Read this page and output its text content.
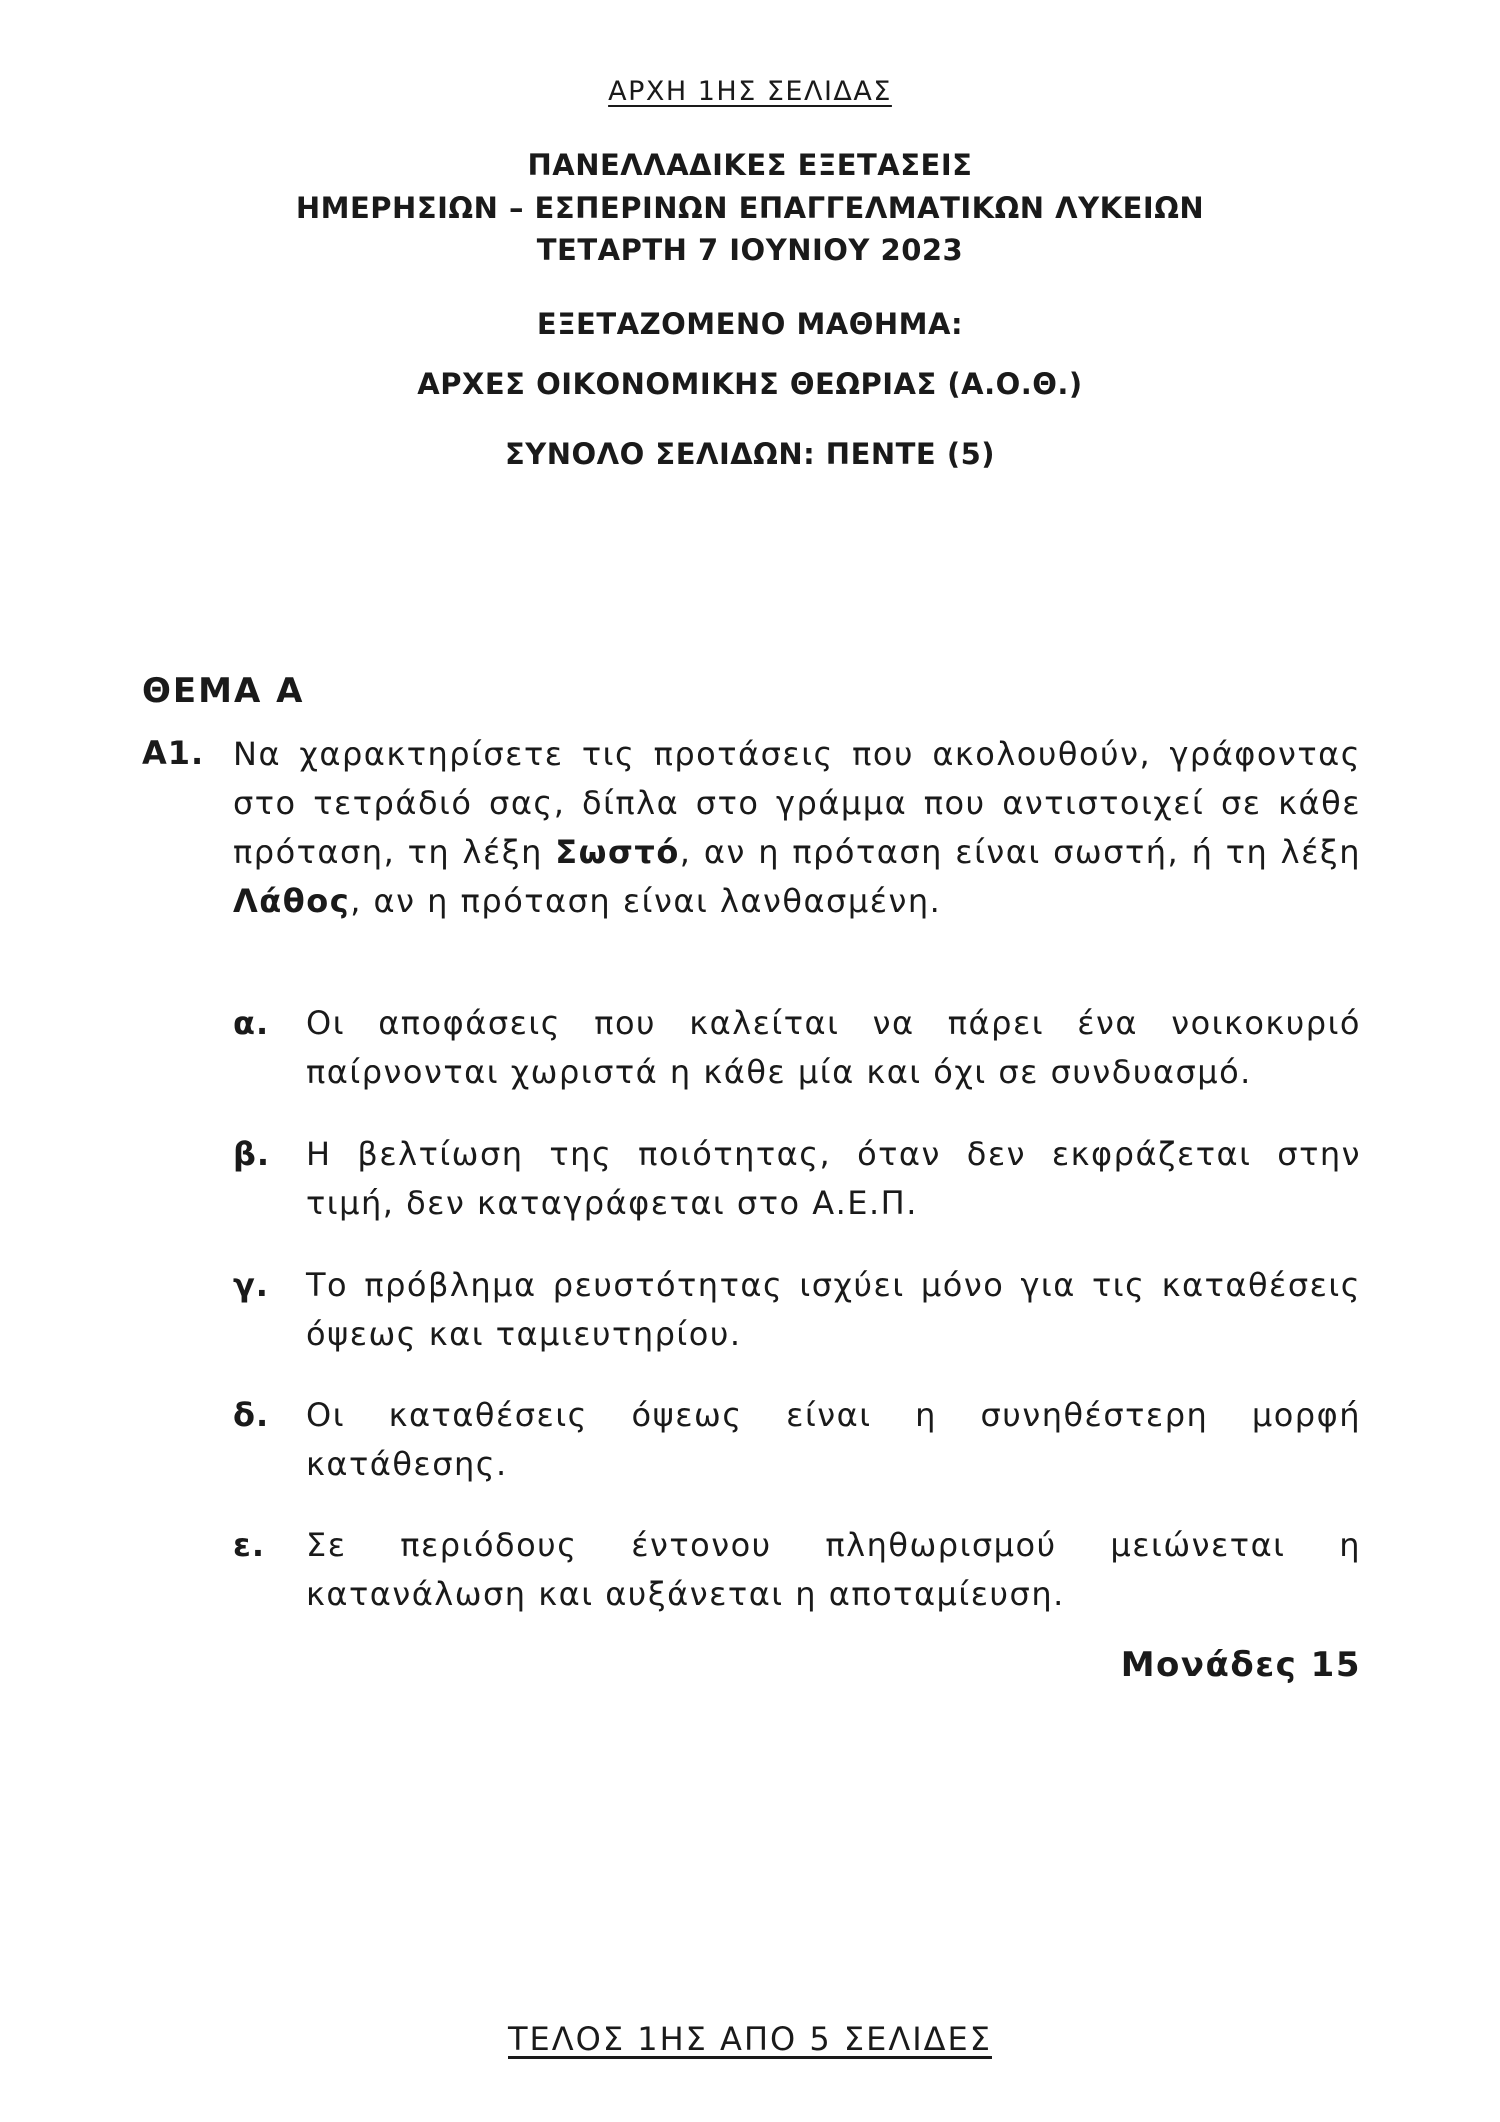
ΑΡΧΗ 1ΗΣ ΣΕΛΙΔΑΣ
ΠΑΝΕΛΛΑΔΙΚΕΣ ΕΞΕΤΑΣΕΙΣ
ΗΜΕΡΗΣΙΩΝ – ΕΣΠΕΡΙΝΩΝ ΕΠΑΓΓΕΛΜΑΤΙΚΩΝ ΛΥΚΕΙΩΝ
ΤΕΤΑΡΤΗ 7 ΙΟΥΝΙΟΥ 2023
ΕΞΕΤΑΖΟΜΕΝΟ ΜΑΘΗΜΑ:
ΑΡΧΕΣ ΟΙΚΟΝΟΜΙΚΗΣ ΘΕΩΡΙΑΣ (Α.Ο.Θ.)
ΣΥΝΟΛΟ ΣΕΛΙΔΩΝ: ΠΕΝΤΕ (5)
ΘΕΜΑ Α
Α1. Να χαρακτηρίσετε τις προτάσεις που ακολουθούν, γράφοντας στο τετράδιό σας, δίπλα στο γράμμα που αντιστοιχεί σε κάθε πρόταση, τη λέξη Σωστό, αν η πρόταση είναι σωστή, ή τη λέξη Λάθος, αν η πρόταση είναι λανθασμένη.
α. Οι αποφάσεις που καλείται να πάρει ένα νοικοκυριό παίρνονται χωριστά η κάθε μία και όχι σε συνδυασμό.
β. Η βελτίωση της ποιότητας, όταν δεν εκφράζεται στην τιμή, δεν καταγράφεται στο Α.Ε.Π.
γ. Το πρόβλημα ρευστότητας ισχύει μόνο για τις καταθέσεις όψεως και ταμιευτηρίου.
δ. Οι καταθέσεις όψεως είναι η συνηθέστερη μορφή κατάθεσης.
ε. Σε περιόδους έντονου πληθωρισμού μειώνεται η κατανάλωση και αυξάνεται η αποταμίευση.
Μονάδες 15
ΤΕΛΟΣ 1ΗΣ ΑΠΟ 5 ΣΕΛΙΔΕΣ
